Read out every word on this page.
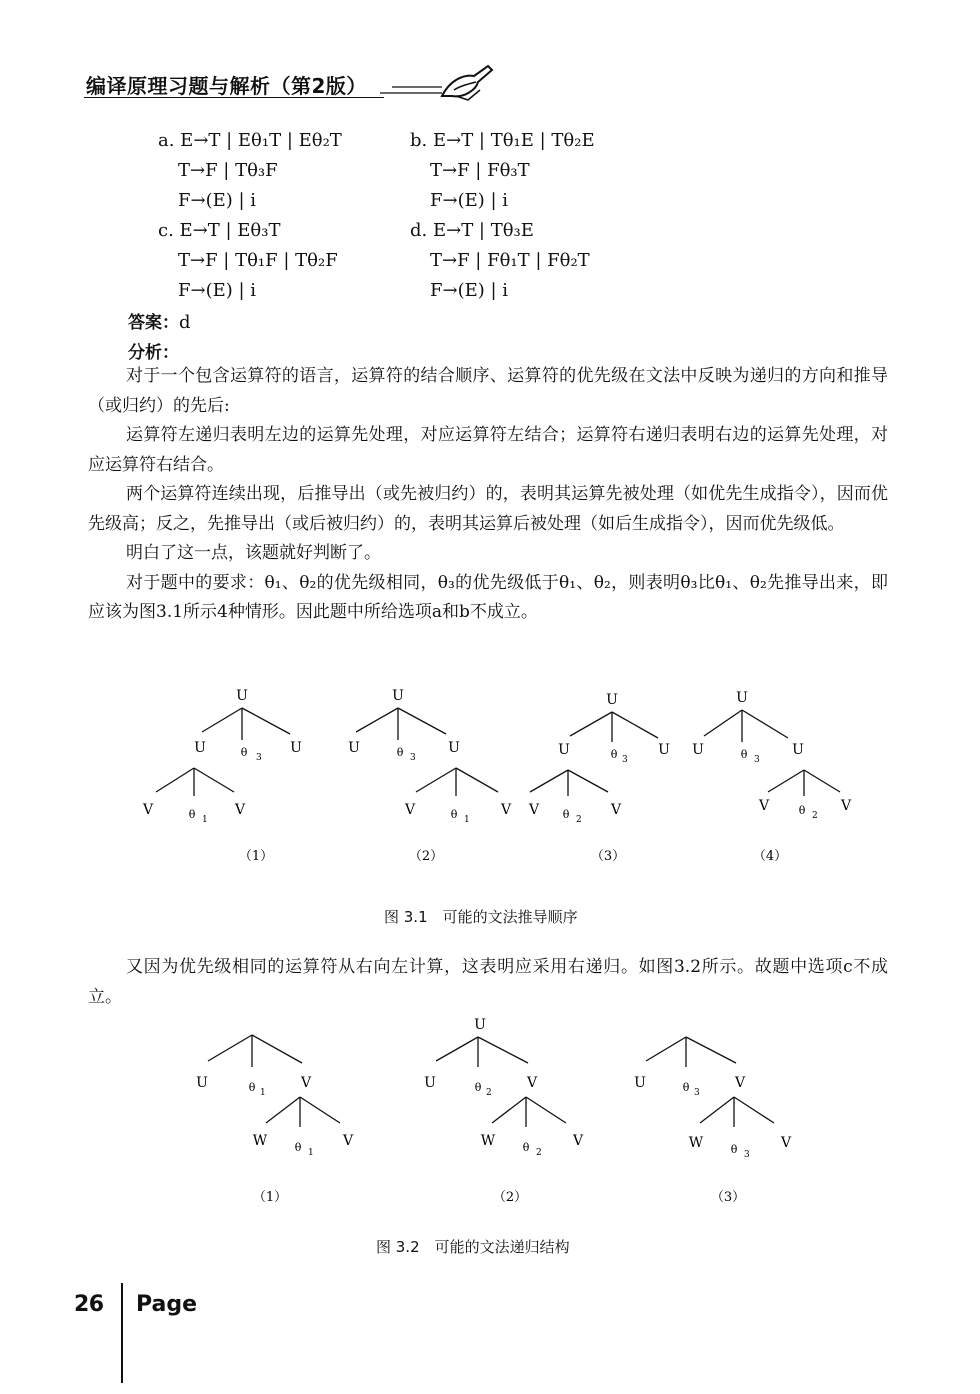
编译原理习题与解析（第2版）
a. E→T | Eθ₁T | Eθ₂T
T→F | Tθ₃F
F→(E) | i
b. E→T | Tθ₁E | Tθ₂E
T→F | Fθ₃T
F→(E) | i
c. E→T | Eθ₃T
T→F | Tθ₁F | Tθ₂F
F→(E) | i
d. E→T | Tθ₃E
T→F | Fθ₁T | Fθ₂T
F→(E) | i
答案：d
分析：

对于一个包含运算符的语言，运算符的结合顺序、运算符的优先级在文法中反映为递归的方向和推导（或归约）的先后:

运算符左递归表明左边的运算先处理，对应运算符左结合；运算符右递归表明右边的运算先处理，对应运算符右结合。

两个运算符连续出现，后推导出（或先被归约）的，表明其运算先被处理（如优先生成指令），因而优先级高；反之，先推导出（或后被归约）的，表明其运算后被处理（如后生成指令），因而优先级低。

明白了这一点，该题就好判断了。

对于题中的要求：θ₁、θ₂的优先级相同，θ₃的优先级低于θ₁、θ₂，则表明θ₃比θ₁、θ₂先推导出来，即应该为图3.1所示4种情形。因此题中所给选项a和b不成立。

U
U	θ 3
U
V	θ 1
V
（1）
U
U	θ 3
U
V	θ 1
V
（2）
U
U	θ 3
U
V θ 2
V
（3）
U
U	θ 3
U
V	θ 2
V
（4）
图 3.1　可能的文法推导顺序

又因为优先级相同的运算符从右向左计算，这表明应采用右递归。如图3.2所示。故题中选项c不成立。

U	θ 1
V
W θ 1
V
（1）
U
U	θ 2
V
W θ 2
V
（2）
U	θ 3
V
W θ 3
V
（3）
图 3.2　可能的文法递归结构
26 Page
